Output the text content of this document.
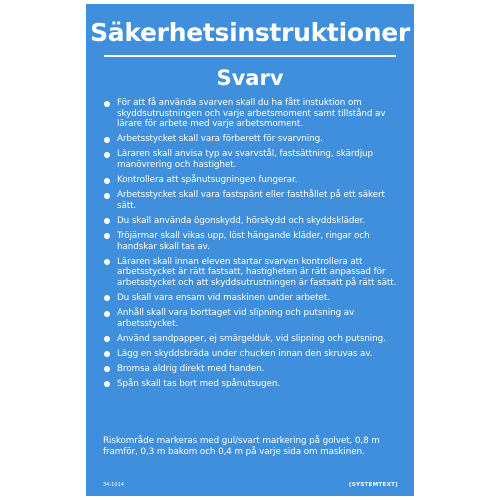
Säkerhetsinstruktioner
Svarv
För att få använda svarven skall du ha fått instuktion om skyddsutrustningen och varje arbetsmoment samt tillstånd av lärare för arbete med varje arbetsmoment.
Arbetsstycket skall vara förberett för svarvning.
Läraren skall anvisa typ av svarvstål, fastsättning, skärdjup manövrering och hastighet.
Kontrollera att spånutsugningen fungerar.
Arbetsstycket skall vara fastspänt eller fasthållet på ett säkert sätt.
Du skall använda ögonskydd, hörskydd och skyddskläder.
Tröjärmar skall vikas upp, löst hängande kläder, ringar och handskar skall tas av.
Läraren skall innan eleven startar svarven kontrollera att arbetsstycket är rätt fastsatt, hastigheten är rätt anpassad för arbetsstycket och att skyddsutrustningen är fastsatt på rätt sätt.
Du skall vara ensam vid maskinen under arbetet.
Anhåll skall vara borttaget vid slipning och putsning av arbetsstycket.
Använd sandpapper, ej smärgelduk, vid slipning och putsning.
Lägg en skyddsbräda under chucken innan den skruvas av.
Bromsa aldrig direkt med handen.
Spån skall tas bort med spånutsugen.
Riskområde markeras med gul/svart markering på golvet, 0,8 m framför, 0,3 m bakom och 0,4 m på varje sida om maskinen.
34-1014	[SYSTEMTEXT]
